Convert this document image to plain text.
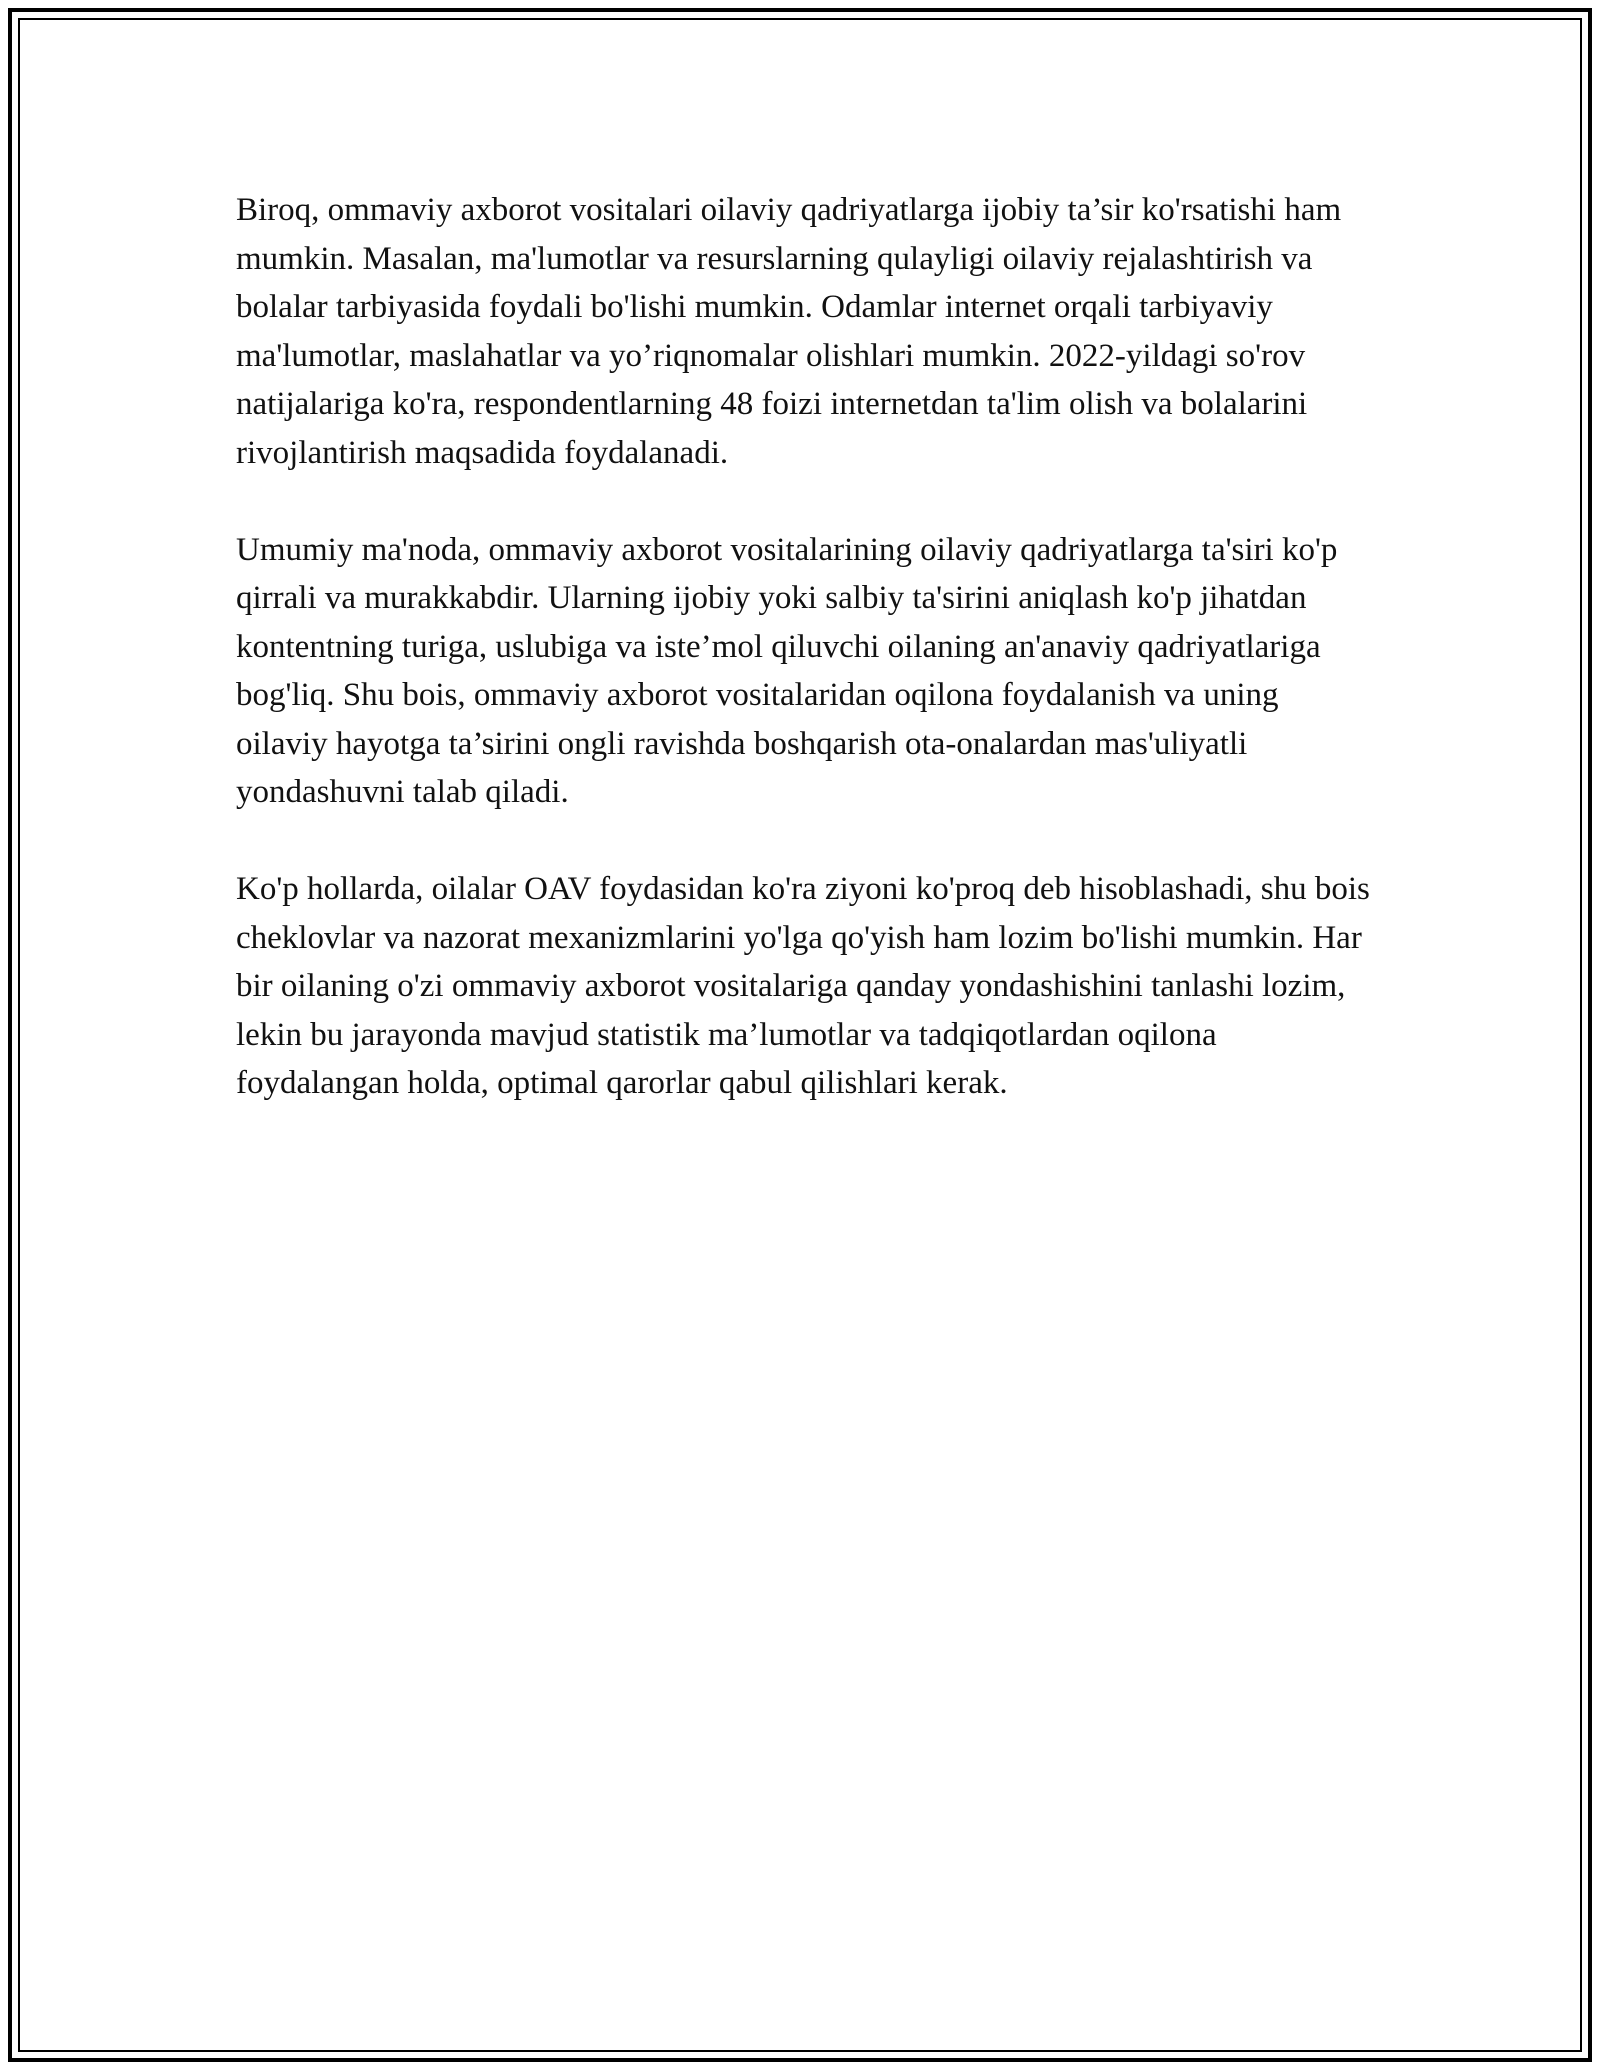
Biroq, ommaviy axborot vositalari oilaviy qadriyatlarga ijobiy ta’sir ko'rsatishi ham mumkin. Masalan, ma'lumotlar va resurslarning qulayligi oilaviy rejalashtirish va bolalar tarbiyasida foydali bo'lishi mumkin. Odamlar internet orqali tarbiyaviy ma'lumotlar, maslahatlar va yo’riqnomalar olishlari mumkin. 2022-yildagi so'rov natijalariga ko'ra, respondentlarning 48 foizi internetdan ta'lim olish va bolalarini rivojlantirish maqsadida foydalanadi.

Umumiy ma'noda, ommaviy axborot vositalarining oilaviy qadriyatlarga ta'siri ko'p qirrali va murakkabdir. Ularning ijobiy yoki salbiy ta'sirini aniqlash ko'p jihatdan kontentning turiga, uslubiga va iste’mol qiluvchi oilaning an'anaviy qadriyatlariga bog'liq. Shu bois, ommaviy axborot vositalaridan oqilona foydalanish va uning oilaviy hayotga ta’sirini ongli ravishda boshqarish ota-onalardan mas'uliyatli yondashuvni talab qiladi.

Ko'p hollarda, oilalar OAV foydasidan ko'ra ziyoni ko'proq deb hisoblashadi, shu bois cheklovlar va nazorat mexanizmlarini yo'lga qo'yish ham lozim bo'lishi mumkin. Har bir oilaning o'zi ommaviy axborot vositalariga qanday yondashishini tanlashi lozim, lekin bu jarayonda mavjud statistik ma’lumotlar va tadqiqotlardan oqilona foydalangan holda, optimal qarorlar qabul qilishlari kerak.
